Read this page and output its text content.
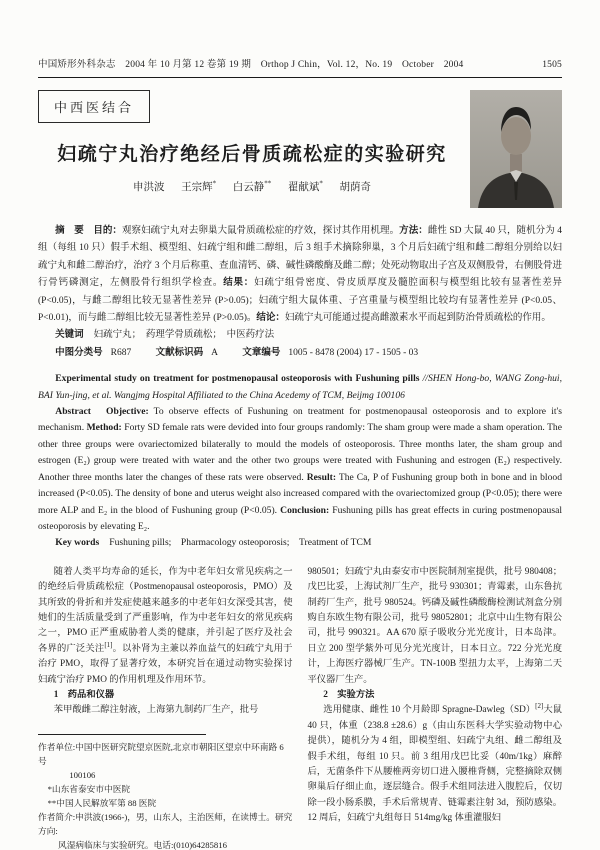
中国矫形外科杂志　2004 年 10 月第 12 卷第 19 期　Orthop J Chin，Vol. 12，No. 19　October　2004	1505
中西医结合
妇疏宁丸治疗绝经后骨质疏松症的实验研究
申洪波 王宗辉* 白云静** 翟献斌* 胡荫奇

摘　要　目的：观察妇疏宁丸对去卵巢大鼠骨质疏松症的疗效，探讨其作用机理。方法：雌性 SD 大鼠 40 只，随机分为 4 组（每组 10 只）假手术组、模型组、妇疏宁组和雌二醇组，后 3 组手术摘除卵巢，3 个月后妇疏宁组和雌二醇组分别给以妇疏宁丸和雌二醇治疗，治疗 3 个月后称重、查血清钙、磷、碱性磷酸酶及雌二醇；处死动物取出子宫及双侧股骨，右侧股骨进行骨钙磷测定，左侧股骨行组织学检查。结果：妇疏宁组骨密度、骨皮质厚度及髓腔面积与模型组比较有显著性差异 (P<0.05)，与雌二醇组比较无显著性差异 (P>0.05)；妇疏宁组大鼠体重、子宫重量与模型组比较均有显著性差异 (P<0.05、P<0.01)，而与雌二醇组比较无显著性差异 (P>0.05)。结论：妇疏宁丸可能通过提高雌激素水平而起到防治骨质疏松的作用。

关键词 妇疏宁丸；　药理学骨质疏松；　中医药疗法

中图分类号 R687	文献标识码 A	文章编号 1005 - 8478 (2004) 17 - 1505 - 03

Experimental study on treatment for postmenopausal osteoporosis with Fushuning pills //SHEN Hong-bo, WANG Zong-hui, BAI Yun-jing, et al. Wangjmg Hospital Affiliated to the China Acedemy of TCM, Beijmg 100106

Abstract　Objective: To observe effects of Fushuning on treatment for postmenopausal osteoporosis and to explore it's mechanism. Method: Forty SD female rats were devided into four groups randomly: The sham group were made a sham operation. The other three groups were ovariectomized bilaterally to mould the models of osteoporosis. Three months later, the sham group and estrogen (E₂) group were treated with water and the other two groups were treated with Fushuning and estrogen (E₂) respectively. Another three months later the changes of these rats were observed. Result: The Ca, P of Fushuning group both in bone and in blood increased (P<0.05). The density of bone and uterus weight also increased compared with the ovariectomized group (P<0.05); there were more ALP and E₂ in the blood of Fushuning group (P<0.05). Conclusion: Fushuning pills has great effects in curing postmenopausal osteoporosis by elevating E₂.

Key words Fushuning pills;　Pharmacology osteoporosis;　Treatment of TCM

随着人类平均寿命的延长，作为中老年妇女常见疾病之一的绝经后骨质疏松症（Postmenopausal osteoporosis，PMO）及其所致的骨折和并发症使越来越多的中老年妇女深受其害，使她们的生活质量受到了严重影响，作为中老年妇女的常见疾病之一，PMO 正严重威胁着人类的健康，并引起了医疗及社会各界的广泛关注[1]。以补肾为主兼以养血益气的妇疏宁丸用于治疗 PMO，取得了显著疗效，本研究旨在通过动物实验探讨妇疏宁治疗 PMO 的作用机理及作用环节。

1　药品和仪器

苯甲酸雌二醇注射液，上海第九制药厂生产，批号

作者单位:中国中医研究院望京医院,北京市朝阳区望京中环南路 6 号
100106
*山东省泰安市中医院
**中国人民解放军第 88 医院
作者简介:申洪波(1966-)，男，山东人，主治医师，在读博士。研究方向:
风湿病临床与实验研究。电话:(010)64285816

980501；妇疏宁丸由泰安市中医院制剂室提供，批号 980408；戊巴比妥，上海试剂厂生产，批号 930301；青霉素，山东鲁抗制药厂生产，批号 980524。钙磷及碱性磷酸酶检测试剂盒分别购自东欧生物有限公司，批号 98052801；北京中山生物有限公司，批号 990321。AA 670 原子吸收分光光度计，日本岛津。日立 200 型学紫外可见分光光度计，日本日立。722 分光光度计，上海医疗器械厂生产。TN-100B 型扭力太平，上海第二天平仪器厂生产。

2　实验方法

选用健康、雌性 10 个月龄即 Spragne-Dawleg（SD）[2]大鼠 40 只，体重（238.8 ±28.6）g（由山东医科大学实验动物中心提供），随机分为 4 组，即模型组、妇疏宁丸组、雌二醇组及假手术组，每组 10 只。前 3 组用戊巴比妥（40m/1kg）麻醉后，无菌条件下从腰椎两旁切口进入腰椎背侧，完整摘除双侧卵巢后仔细止血，逐层缝合。假手术组同法进入腹腔后，仅切除一段小肠系膜，手术后常规青、链霉素注射 3d，预防感染。12 周后，妇疏宁丸组每日 514mg/kg 体重灌服妇
